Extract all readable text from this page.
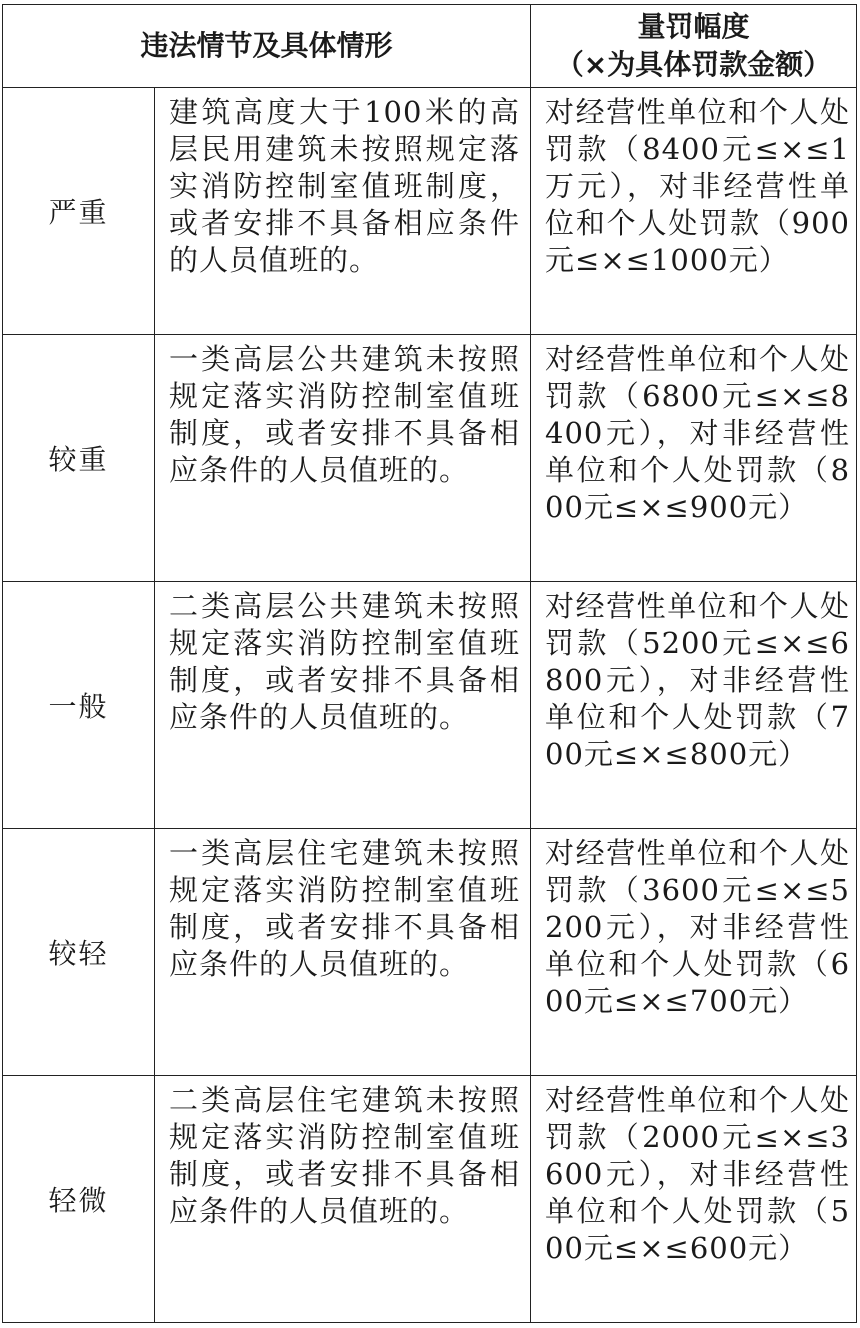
违法情节及具体情形		量罚幅度
（×为具体罚款金额）

严重	建筑高度大于100米的高层民用建筑未按照规定落实消防控制室值班制度，或者安排不具备相应条件的人员值班的。	对经营性单位和个人处罚款（8400元≤×≤1万元），对非经营性单位和个人处罚款（900元≤×≤1000元）

较重	一类高层公共建筑未按照规定落实消防控制室值班制度，或者安排不具备相应条件的人员值班的。	对经营性单位和个人处罚款（6800元≤×≤8400元），对非经营性单位和个人处罚款（800元≤×≤900元）

一般	二类高层公共建筑未按照规定落实消防控制室值班制度，或者安排不具备相应条件的人员值班的。	对经营性单位和个人处罚款（5200元≤×≤6800元），对非经营性单位和个人处罚款（700元≤×≤800元）

较轻	一类高层住宅建筑未按照规定落实消防控制室值班制度，或者安排不具备相应条件的人员值班的。	对经营性单位和个人处罚款（3600元≤×≤5200元），对非经营性单位和个人处罚款（600元≤×≤700元）

轻微	二类高层住宅建筑未按照规定落实消防控制室值班制度，或者安排不具备相应条件的人员值班的。	对经营性单位和个人处罚款（2000元≤×≤3600元），对非经营性单位和个人处罚款（500元≤×≤600元）
